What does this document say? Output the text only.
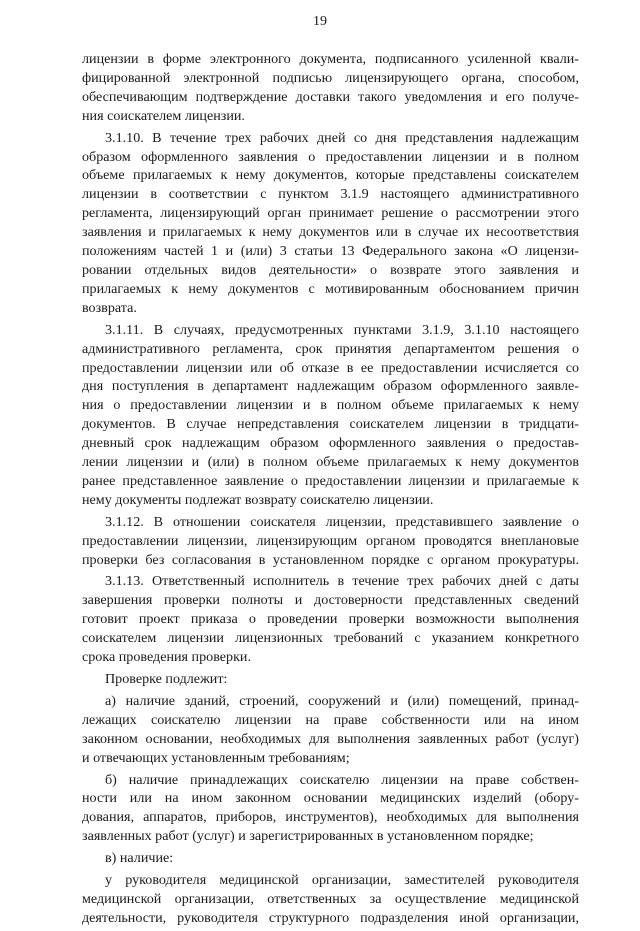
19
лицензии в форме электронного документа, подписанного усиленной квали-
фицированной электронной подписью лицензирующего органа, способом,
обеспечивающим подтверждение доставки такого уведомления и его получе-
ния соискателем лицензии.
3.1.10. В течение трех рабочих дней со дня представления надлежащим
образом оформленного заявления о предоставлении лицензии и в полном
объеме прилагаемых к нему документов, которые представлены соискателем
лицензии в соответствии с пунктом 3.1.9 настоящего административного
регламента, лицензирующий орган принимает решение о рассмотрении этого
заявления и прилагаемых к нему документов или в случае их несоответствия
положениям частей 1 и (или) 3 статьи 13 Федерального закона «О лицензи-
ровании отдельных видов деятельности» о возврате этого заявления и
прилагаемых к нему документов с мотивированным обоснованием причин
возврата.
3.1.11. В случаях, предусмотренных пунктами 3.1.9, 3.1.10 настоящего
административного регламента, срок принятия департаментом решения о
предоставлении лицензии или об отказе в ее предоставлении исчисляется со
дня поступления в департамент надлежащим образом оформленного заявле-
ния о предоставлении лицензии и в полном объеме прилагаемых к нему
документов. В случае непредставления соискателем лицензии в тридцати-
дневный срок надлежащим образом оформленного заявления о предостав-
лении лицензии и (или) в полном объеме прилагаемых к нему документов
ранее представленное заявление о предоставлении лицензии и прилагаемые к
нему документы подлежат возврату соискателю лицензии.
3.1.12. В отношении соискателя лицензии, представившего заявление о
предоставлении лицензии, лицензирующим органом проводятся внеплановые
проверки без согласования в установленном порядке с органом прокуратуры.
3.1.13. Ответственный исполнитель в течение трех рабочих дней с даты
завершения проверки полноты и достоверности представленных сведений
готовит проект приказа о проведении проверки возможности выполнения
соискателем лицензии лицензионных требований с указанием конкретного
срока проведения проверки.
Проверке подлежит:
а) наличие зданий, строений, сооружений и (или) помещений, принад-
лежащих соискателю лицензии на праве собственности или на ином
законном основании, необходимых для выполнения заявленных работ (услуг)
и отвечающих установленным требованиям;
б) наличие принадлежащих соискателю лицензии на праве собствен-
ности или на ином законном основании медицинских изделий (обору-
дования, аппаратов, приборов, инструментов), необходимых для выполнения
заявленных работ (услуг) и зарегистрированных в установленном порядке;
в) наличие:
у руководителя медицинской организации, заместителей руководителя
медицинской организации, ответственных за осуществление медицинской
деятельности, руководителя структурного подразделения иной организации,
